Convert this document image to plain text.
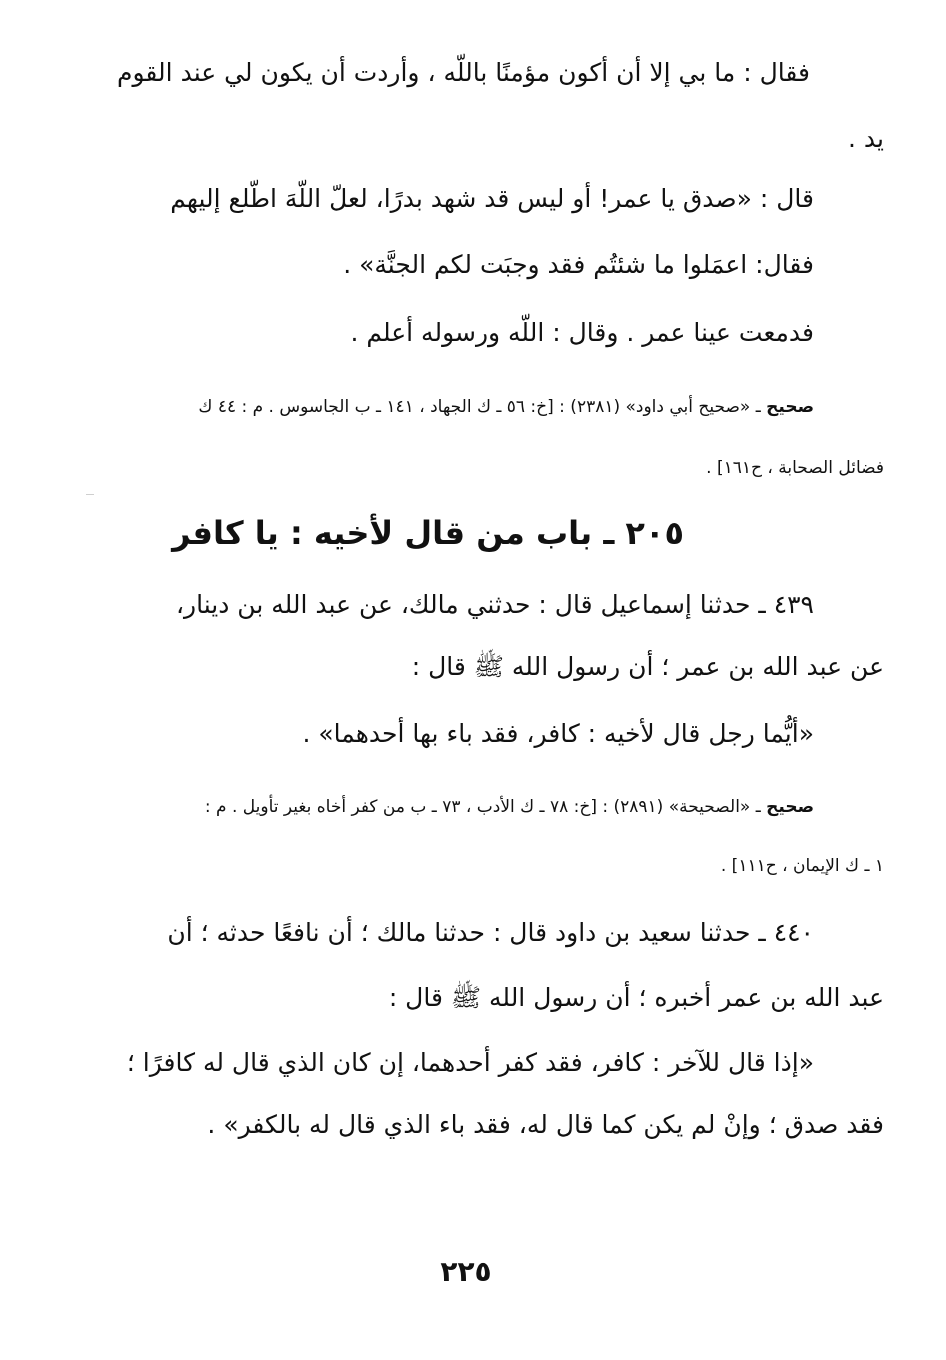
فقال : ما بي إلا أن أكون مؤمنًا باللّه ، وأردت أن يكون لي عند القوم
يد .
قال : «صدق يا عمر! أو ليس قد شهد بدرًا، لعلّ اللّهَ اطّلع إليهم
فقال: اعمَلوا ما شئتُم فقد وجبَت لكم الجنَّة» .
فدمعت عينا عمر . وقال : اللّه ورسوله أعلم .
صحيح ـ «صحيح أبي داود» (٢٣٨١) : [خ: ٥٦ ـ ك الجهاد ، ١٤١ ـ ب الجاسوس . م : ٤٤ ك
فضائل الصحابة ، ح١٦١] .
٢٠٥ ـ باب من قال لأخيه : يا كافر
٤٣٩ ـ حدثنا إسماعيل قال : حدثني مالك، عن عبد الله بن دينار،
عن عبد الله بن عمر ؛ أن رسول الله ﷺ قال :
«أيُّما رجل قال لأخيه : كافر، فقد باء بها أحدهما» .
صحيح ـ «الصحيحة» (٢٨٩١) : [خ: ٧٨ ـ ك الأدب ، ٧٣ ـ ب من كفر أخاه بغير تأويل . م :
١ ـ ك الإيمان ، ح١١١] .
٤٤٠ ـ حدثنا سعيد بن داود قال : حدثنا مالك ؛ أن نافعًا حدثه ؛ أن
عبد الله بن عمر أخبره ؛ أن رسول الله ﷺ قال :
«إذا قال للآخر : كافر، فقد كفر أحدهما، إن كان الذي قال له كافرًا ؛
فقد صدق ؛ وإنْ لم يكن كما قال له، فقد باء الذي قال له بالكفر» .
٢٢٥
